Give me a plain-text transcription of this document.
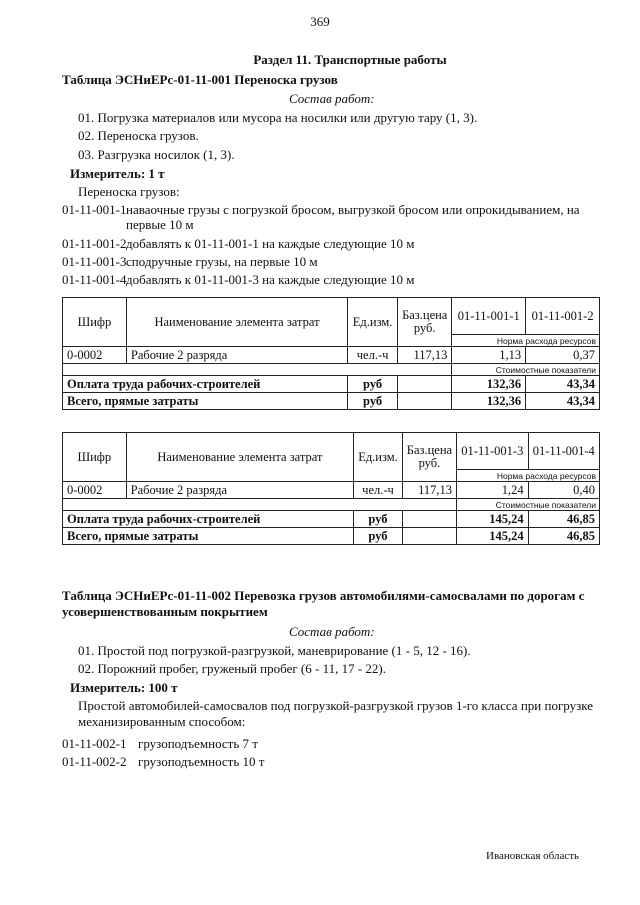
369
Раздел 11. Транспортные работы
Таблица ЭСНиЕРс-01-11-001 Переноска грузов
Состав работ:
01. Погрузка материалов или мусора на носилки или другую тару (1, 3).
02. Переноска грузов.
03. Разгрузка носилок (1, 3).
Измеритель: 1 т
Переноска грузов:
01-11-001-1 наваочные грузы с погрузкой бросом, выгрузкой бросом или опрокидыванием, на первые 10 м
01-11-001-2 добавлять к 01-11-001-1 на каждые следующие 10 м
01-11-001-3 сподручные грузы, на первые 10 м
01-11-001-4 добавлять к 01-11-001-3 на каждые следующие 10 м
Шифр	Наименование элемента затрат	Ед.изм.	Баз.цена руб.	01-11-001-1	01-11-001-2
				Норма расхода ресурсов	
0-0002	Рабочие 2 разряда	чел.-ч	117,13	1,13	0,37
				Стоимостные показатели	
Оплата труда рабочих-строителей		руб		132,36	43,34
Всего, прямые затраты		руб		132,36	43,34
Шифр	Наименование элемента затрат	Ед.изм.	Баз.цена руб.	01-11-001-3	01-11-001-4
				Норма расхода ресурсов	
0-0002	Рабочие 2 разряда	чел.-ч	117,13	1,24	0,40
				Стоимостные показатели	
Оплата труда рабочих-строителей		руб		145,24	46,85
Всего, прямые затраты		руб		145,24	46,85
Таблица ЭСНиЕРс-01-11-002 Перевозка грузов автомобилями-самосвалами по дорогам с усовершенствованным покрытием
Состав работ:
01. Простой под погрузкой-разгрузкой, маневрирование (1 - 5, 12 - 16).
02. Порожний пробег, груженый пробег (6 - 11, 17 - 22).
Измеритель: 100 т
Простой автомобилей-самосвалов под погрузкой-разгрузкой грузов 1-го класса при погрузке механизированным способом:
01-11-002-1 грузоподъемность 7 т
01-11-002-2 грузоподъемность 10 т
Ивановская область
